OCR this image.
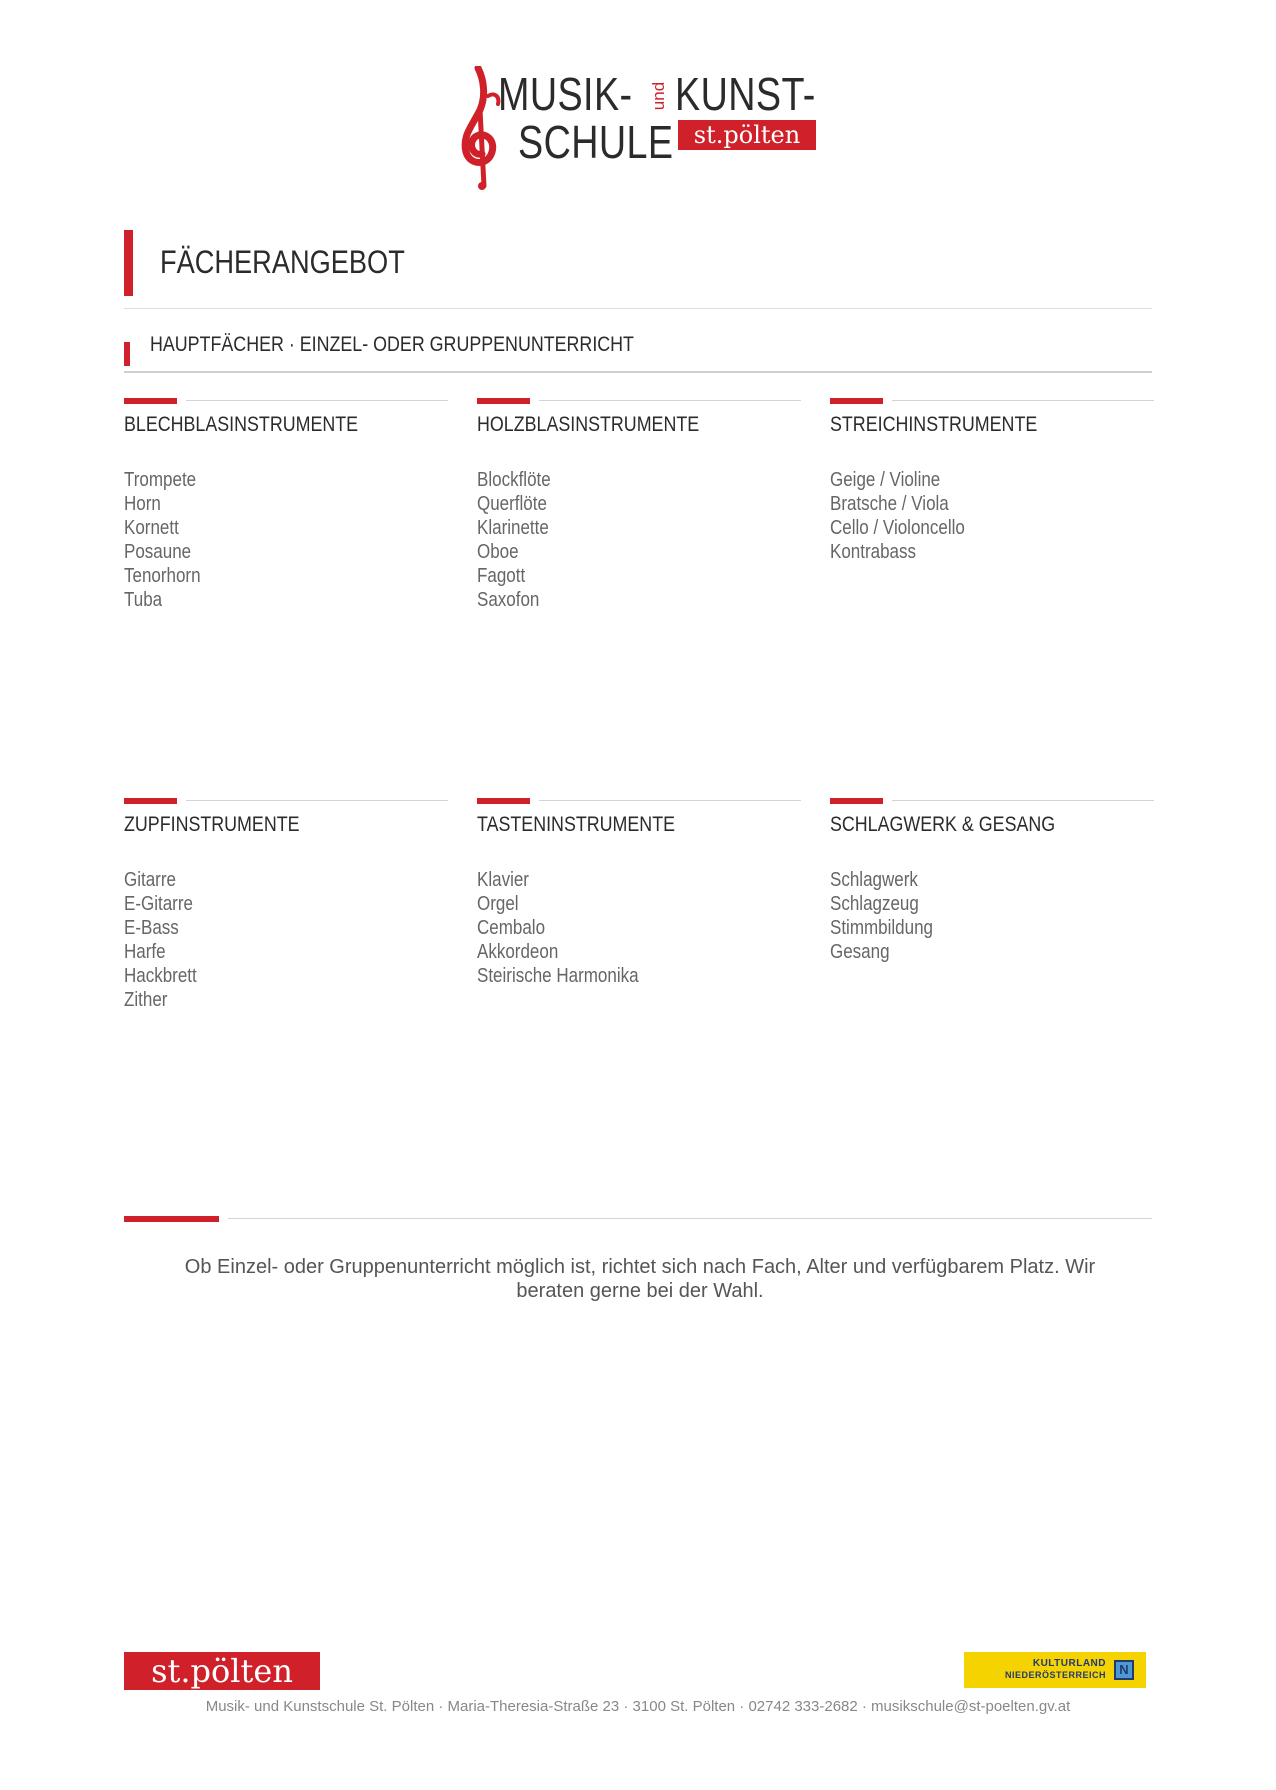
MUSIK- und KUNST-
SCHULE st.pölten
FÄCHERANGEBOT
HAUPTFÄCHER · EINZEL- ODER GRUPPENUNTERRICHT
BLECHBLASINSTRUMENTE
Trompete
Horn
Kornett
Posaune
Tenorhorn
Tuba
HOLZBLASINSTRUMENTE
Blockflöte
Querflöte
Klarinette
Oboe
Fagott
Saxofon
STREICHINSTRUMENTE
Geige / Violine
Bratsche / Viola
Cello / Violoncello
Kontrabass
ZUPFINSTRUMENTE
Gitarre
E-Gitarre
E-Bass
Harfe
Hackbrett
Zither
TASTENINSTRUMENTE
Klavier
Orgel
Cembalo
Akkordeon
Steirische Harmonika
SCHLAGWERK & GESANG
Schlagwerk
Schlagzeug
Stimmbildung
Gesang

Ob Einzel- oder Gruppenunterricht möglich ist, richtet sich nach Fach, Alter und verfügbarem Platz. Wir beraten gerne bei der Wahl.

st.pölten	KULTURLAND
NIEDERÖSTERREICH	N
Musik- und Kunstschule St. Pölten · Maria-Theresia-Straße 23 · 3100 St. Pölten · 02742 333-2682 · musikschule@st-poelten.gv.at
